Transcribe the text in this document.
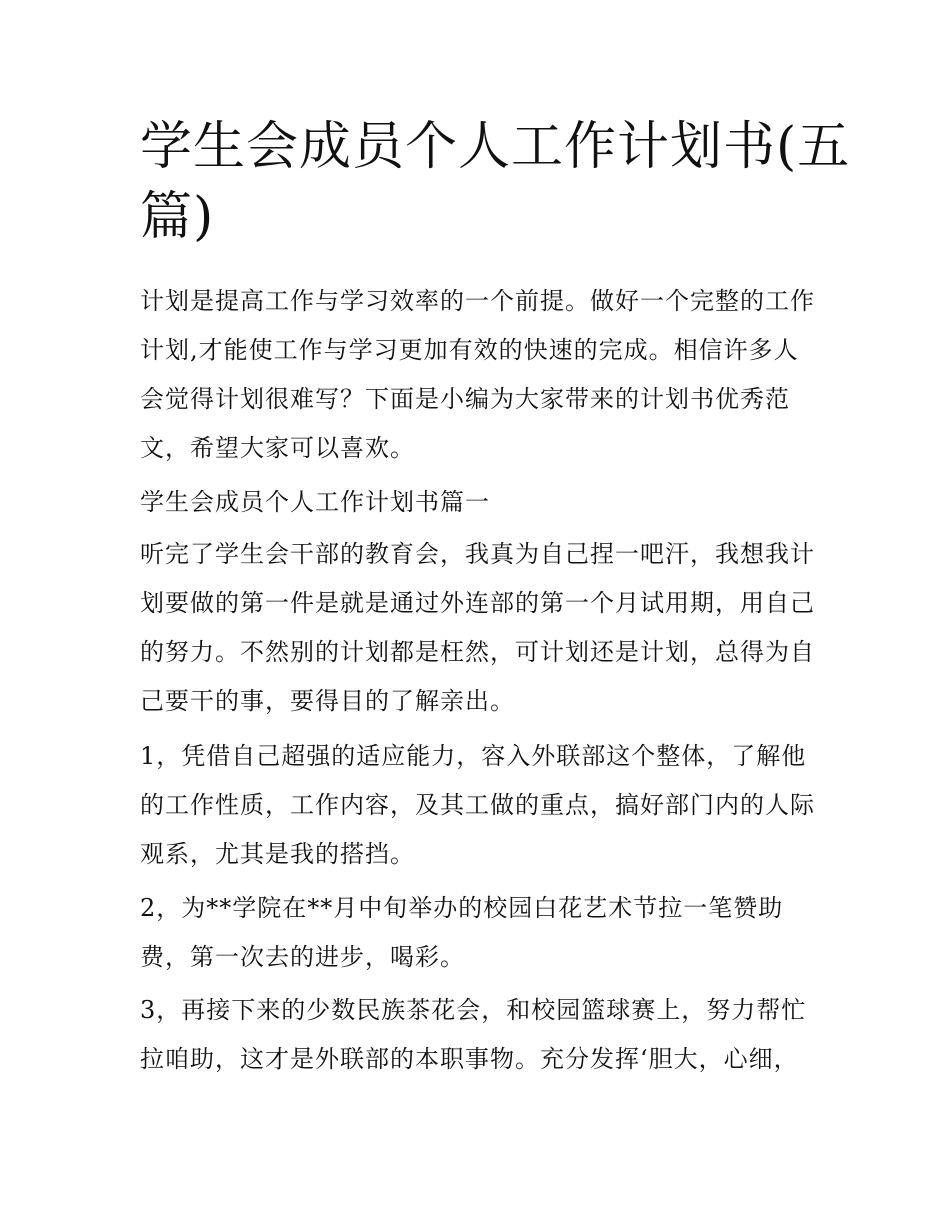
学生会成员个人工作计划书(五
篇)

计划是提高工作与学习效率的一个前提。做好一个完整的工作
计划,才能使工作与学习更加有效的快速的完成。相信许多人
会觉得计划很难写？下面是小编为大家带来的计划书优秀范
文，希望大家可以喜欢。

学生会成员个人工作计划书篇一

听完了学生会干部的教育会，我真为自己捏一吧汗，我想我计
划要做的第一件是就是通过外连部的第一个月试用期，用自己
的努力。不然别的计划都是枉然，可计划还是计划，总得为自
己要干的事，要得目的了解亲出。

1，凭借自己超强的适应能力，容入外联部这个整体，了解他
的工作性质，工作内容，及其工做的重点，搞好部门内的人际
观系，尤其是我的搭挡。

2，为**学院在**月中旬举办的校园白花艺术节拉一笔赞助
费，第一次去的进步，喝彩。

3，再接下来的少数民族茶花会，和校园篮球赛上，努力帮忙
拉咱助，这才是外联部的本职事物。充分发挥‘胆大，心细，
